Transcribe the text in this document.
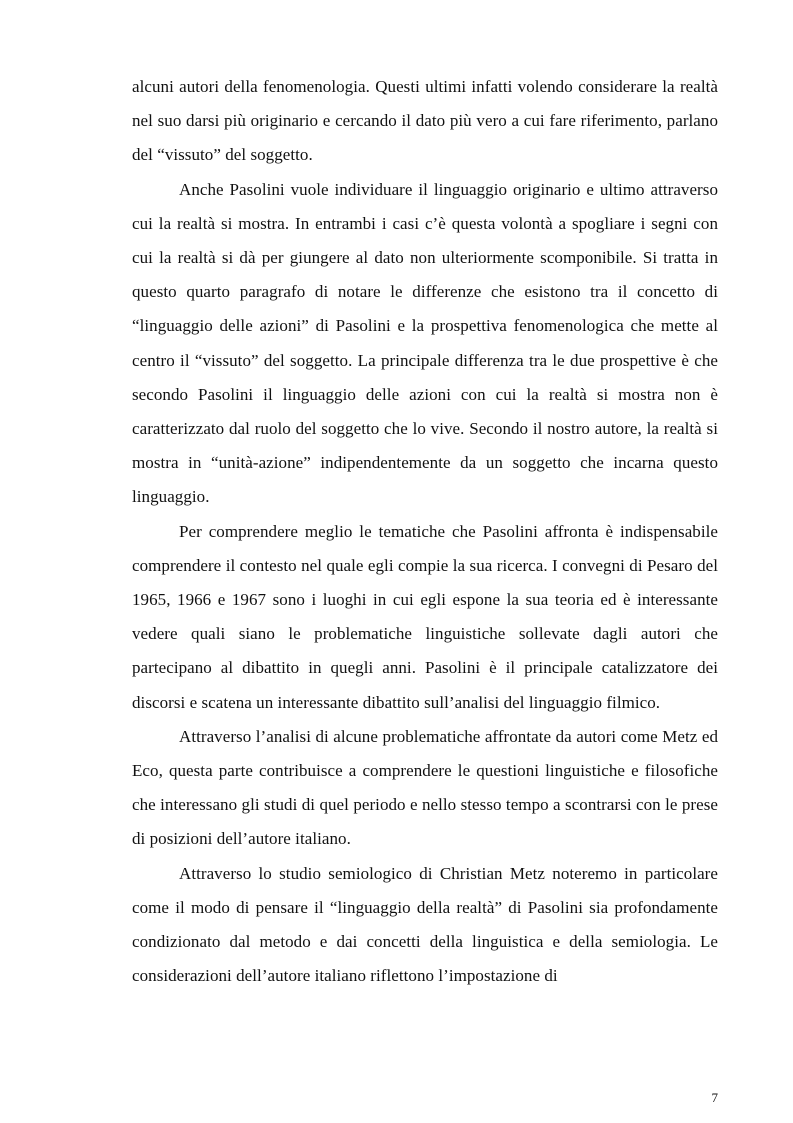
alcuni autori della fenomenologia. Questi ultimi infatti volendo considerare la realtà nel suo darsi più originario e cercando il dato più vero a cui fare riferimento, parlano del “vissuto” del soggetto.

Anche Pasolini vuole individuare il linguaggio originario e ultimo attraverso cui la realtà si mostra. In entrambi i casi c’è questa volontà a spogliare i segni con cui la realtà si dà per giungere al dato non ulteriormente scomponibile. Si tratta in questo quarto paragrafo di notare le differenze che esistono tra il concetto di “linguaggio delle azioni” di Pasolini e la prospettiva fenomenologica che mette al centro il “vissuto” del soggetto. La principale differenza tra le due prospettive è che secondo Pasolini il linguaggio delle azioni con cui la realtà si mostra non è caratterizzato dal ruolo del soggetto che lo vive. Secondo il nostro autore, la realtà si mostra in “unità-azione” indipendentemente da un soggetto che incarna questo linguaggio.

Per comprendere meglio le tematiche che Pasolini affronta è indispensabile comprendere il contesto nel quale egli compie la sua ricerca. I convegni di Pesaro del 1965, 1966 e 1967 sono i luoghi in cui egli espone la sua teoria ed è interessante vedere quali siano le problematiche linguistiche sollevate dagli autori che partecipano al dibattito in quegli anni. Pasolini è il principale catalizzatore dei discorsi e scatena un interessante dibattito sull’analisi del linguaggio filmico.

Attraverso l’analisi di alcune problematiche affrontate da autori come Metz ed Eco, questa parte contribuisce a comprendere le questioni linguistiche e filosofiche che interessano gli studi di quel periodo e nello stesso tempo a scontrarsi con le prese di posizioni dell’autore italiano.

Attraverso lo studio semiologico di Christian Metz noteremo in particolare come il modo di pensare il “linguaggio della realtà” di Pasolini sia profondamente condizionato dal metodo e dai concetti della linguistica e della semiologia. Le considerazioni dell’autore italiano riflettono l’impostazione di

7
